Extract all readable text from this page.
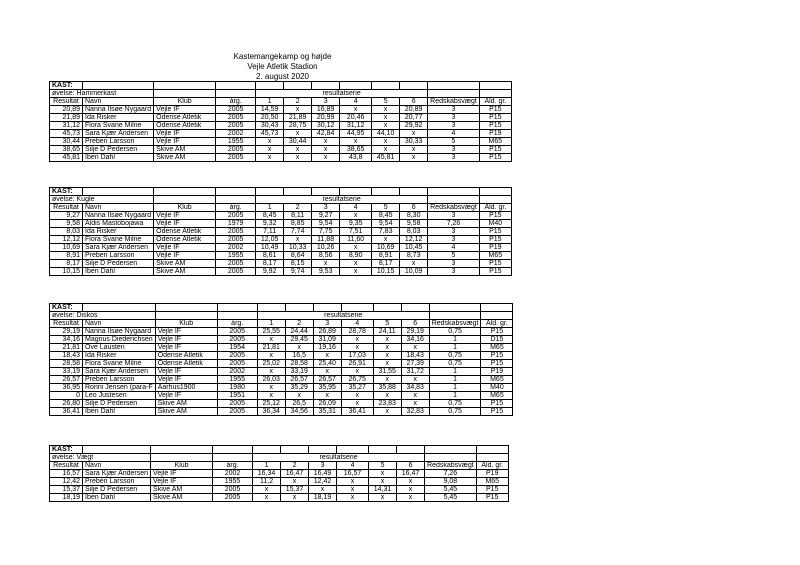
Kastemangekamp og højde
Vejle Atletik Stadion
2. august 2020
KAST:											
øvelse: Hammerkast				resultatserie							
Resultat	Navn	Klub	årg.	1	2	3	4	5	6	Redskabsvægt	Ald. gr.
20,89	Nanna Ilsøe Nygaard	Vejle IF	2005	14,59	x	16,89	x	x	20,89	3	P15
21,89	Ida Risker	Odense Atletik	2005	20,50	21,89	20,99	20,46	x	20,77	3	P15
31,12	Flora Svane Milne	Odense Atletik	2005	30,43	28,75	30,12	31,12	x	29,92	3	P15
45,73	Sara Kjær Andersen	Vejle IF	2002	45,73	x	42,84	44,95	44,10	x	4	P19
30,44	Preben Larsson	Vejle IF	1955	x	30,44	x	x	x	30,33	5	M65
38,65	Silje D Pedersen	Skive AM	2005	x	x	x	38,65	x	x	3	P15
45,81	Iben Dahl	Skive AM	2005	x	x	x	43,8	45,81	x	3	P15
KAST:											
øvelse: Kugle				resultatserie							
Resultat	Navn	Klub	årg.	1	2	3	4	5	6	Redskabsvægt	Ald. gr.
9,27	Nanna Ilsøe Nygaard	Vejle IF	2005	8,45	8,11	9,27	x	8,45	8,30	3	P15
9,58	Aldis Mastobojawa	Vejle IF	1979	9,32	8,85	9,54	9,35	9,54	9,58	7,26	M40
8,03	Ida Risker	Odense Atletik	2005	7,11	7,74	7,75	7,51	7,83	8,03	3	P15
12,12	Flora Svane Milne	Odense Atletik	2005	12,05	x	11,88	11,60	x	12,12	3	P15
10,69	Sara Kjær Andersen	Vejle IF	2002	10,49	10,33	10,26	x	10,69	10,45	4	P19
8,91	Preben Larsson	Vejle IF	1955	8,61	8,64	8,56	8,90	8,91	8,73	5	M65
8,17	Silje D Pedersen	Skive AM	2005	8,17	8,15	x	x	8,17	x	3	P15
10,15	Iben Dahl	Skive AM	2005	9,92	9,74	9,53	x	10,15	10,09	3	P15
KAST:											
øvelse: Diskos				resultatserie							
Resultat	Navn	Klub	årg.	1	2	3	4	5	6	Redskabsvægt	Ald. gr.
29,19	Nanna Ilsøe Nygaard	Vejle IF	2005	25,55	24,44	26,89	28,78	24,11	29,19	0,75	P15
34,16	Magnus Diederichsen	Vejle IF	2005	x	29,45	31,09	x	x	34,16	1	D15
21,81	Ove Lausten	Vejle IF	1954	21,81	x	19,16	x	x	x	1	M65
18,43	Ida Risker	Odense Atletik	2005	x	16,5	x	17,03	x	18,43	0,75	P15
28,58	Flora Svane Milne	Odense Atletik	2005	25,02	28,58	25,40	26,91	x	27,39	0,75	P15
33,19	Sara Kjær Andersen	Vejle IF	2002	x	33,19	x	x	31,55	31,72	1	P19
26,57	Preben Larsson	Vejle IF	1955	26,03	26,57	26,57	26,75	x	x	1	M65
36,95	Ronni Jensen (para-F	Aarhus1900	1980	x	35,29	35,95	35,27	35,88	34,83	1	M40
0	Leo Justesen	Vejle IF	1951	x	x	x	x	x	x	1	M65
26,80	Silje D Pedersen	Skive AM	2005	25,12	26,5	26,09	x	23,83	x	0,75	P15
36,41	Iben Dahl	Skive AM	2005	36,34	34,56	35,31	36,41	x	32,83	0,75	P15
KAST:											
øvelse: Vægt				resultatserie							
Resultat	Navn	Klub	årg.	1	2	3	4	5	6	Redskabsvægt	Ald. gr.
16,57	Sara Kjær Andersen	Vejle IF	2002	16,34	16,47	16,49	16,57	x	16,47	7,26	P19
12,42	Preben Larsson	Vejle IF	1955	11,2	x	12,42	x	x	x	9,08	M65
15,37	Silje D Pedersen	Skive AM	2005	x	15,37	x	x	14,31	x	5,45	P15
18,19	Iben Dahl	Skive AM	2005	x	x	18,19	x	x	x	5,45	P15
